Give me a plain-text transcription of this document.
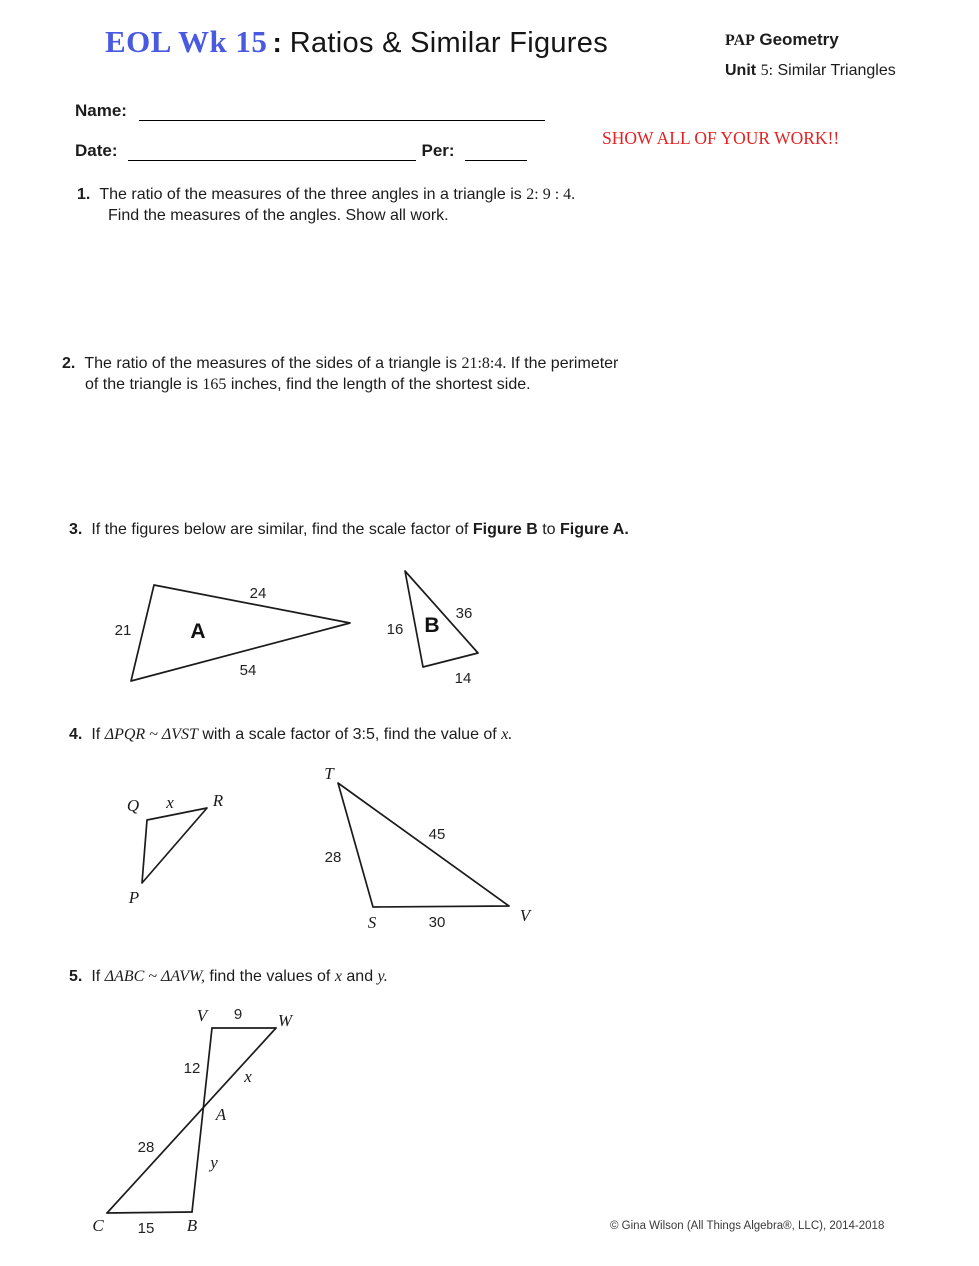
EOL Wk 15 : Ratios & Similar Figures	PAP Geometry
Unit 5: Similar Triangles
Name:
Date:	Per:
SHOW ALL OF YOUR WORK!!
1. The ratio of the measures of the three angles in a triangle is 2: 9 : 4.
Find the measures of the angles. Show all work.
2. The ratio of the measures of the sides of a triangle is 21:8:4. If the perimeter
of the triangle is 165 inches, find the length of the shortest side.
3. If the figures below are similar, find the scale factor of Figure B to Figure A.
24
21	A
54
16 B
36
14
4. If ΔPQR ~ ΔVST with a scale factor of 3:5, find the value of x.
Q x R
P
T
28
45
S	30	V
5. If ΔABC ~ ΔAVW, find the values of x and y.
V 9 W
12	x
A
28
y
C 15 B	© Gina Wilson (All Things Algebra®, LLC), 2014-2018
